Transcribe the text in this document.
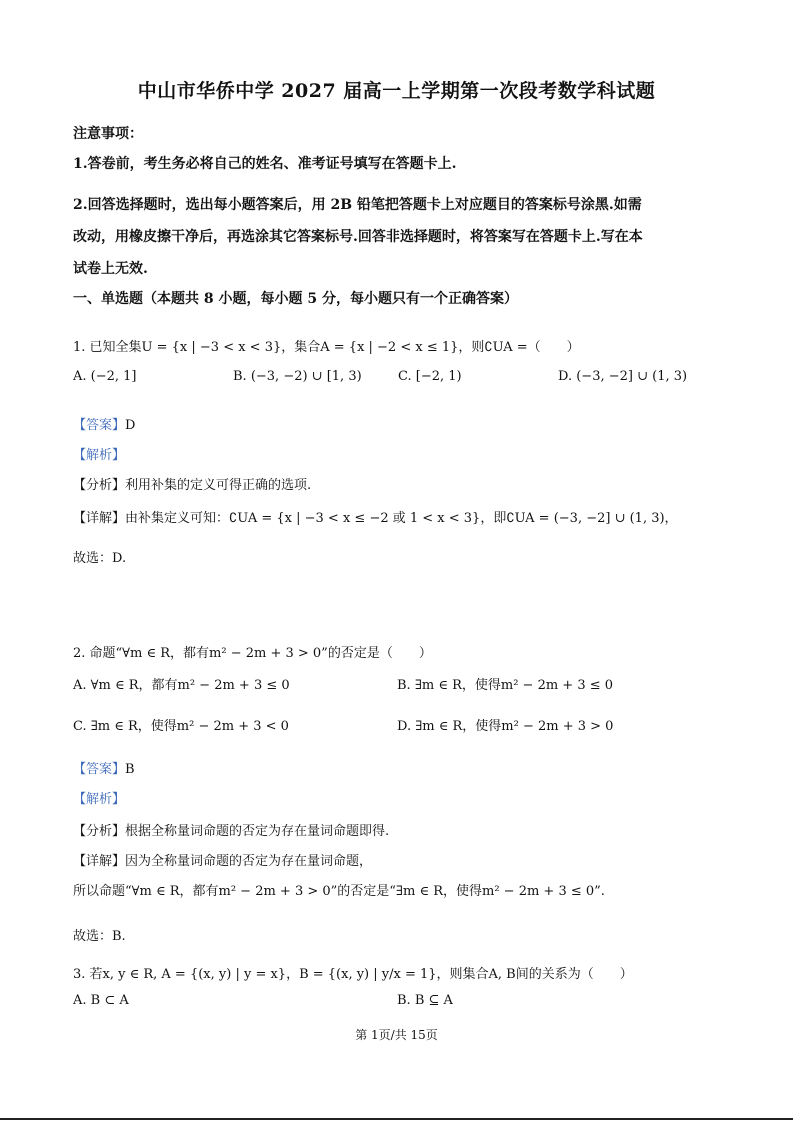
中山市华侨中学 2027 届高一上学期第一次段考数学科试题
注意事项：
1.答卷前，考生务必将自己的姓名、准考证号填写在答题卡上.
2.回答选择题时，选出每小题答案后，用 2B 铅笔把答题卡上对应题目的答案标号涂黑.如需
改动，用橡皮擦干净后，再选涂其它答案标号.回答非选择题时，将答案写在答题卡上.写在本
试卷上无效.
一、单选题（本题共 8 小题，每小题 5 分，每小题只有一个正确答案）
1. 已知全集U = {x | −3 < x < 3}，集合A = {x | −2 < x ≤ 1}，则∁UA =（　　）
A. (−2, 1]	B. (−3, −2) ∪ [1, 3)	C. [−2, 1)	D. (−3, −2] ∪ (1, 3)
【答案】D
【解析】
【分析】利用补集的定义可得正确的选项.
【详解】由补集定义可知：∁UA = {x | −3 < x ≤ −2 或 1 < x < 3}，即∁UA = (−3, −2] ∪ (1, 3)，
故选：D.
2. 命题“∀m ∈ R，都有m² − 2m + 3 > 0”的否定是（　　）
A. ∀m ∈ R，都有m² − 2m + 3 ≤ 0	B. ∃m ∈ R，使得m² − 2m + 3 ≤ 0
C. ∃m ∈ R，使得m² − 2m + 3 < 0	D. ∃m ∈ R，使得m² − 2m + 3 > 0
【答案】B
【解析】
【分析】根据全称量词命题的否定为存在量词命题即得.
【详解】因为全称量词命题的否定为存在量词命题，
所以命题“∀m ∈ R，都有m² − 2m + 3 > 0”的否定是“∃m ∈ R，使得m² − 2m + 3 ≤ 0”.
故选：B.
3. 若x, y ∈ R, A = {(x, y) | y = x}，B = {(x, y) | y/x = 1}，则集合A, B间的关系为（　　）
A. B ⊂ A	B. B ⊆ A
第 1页/共 15页
